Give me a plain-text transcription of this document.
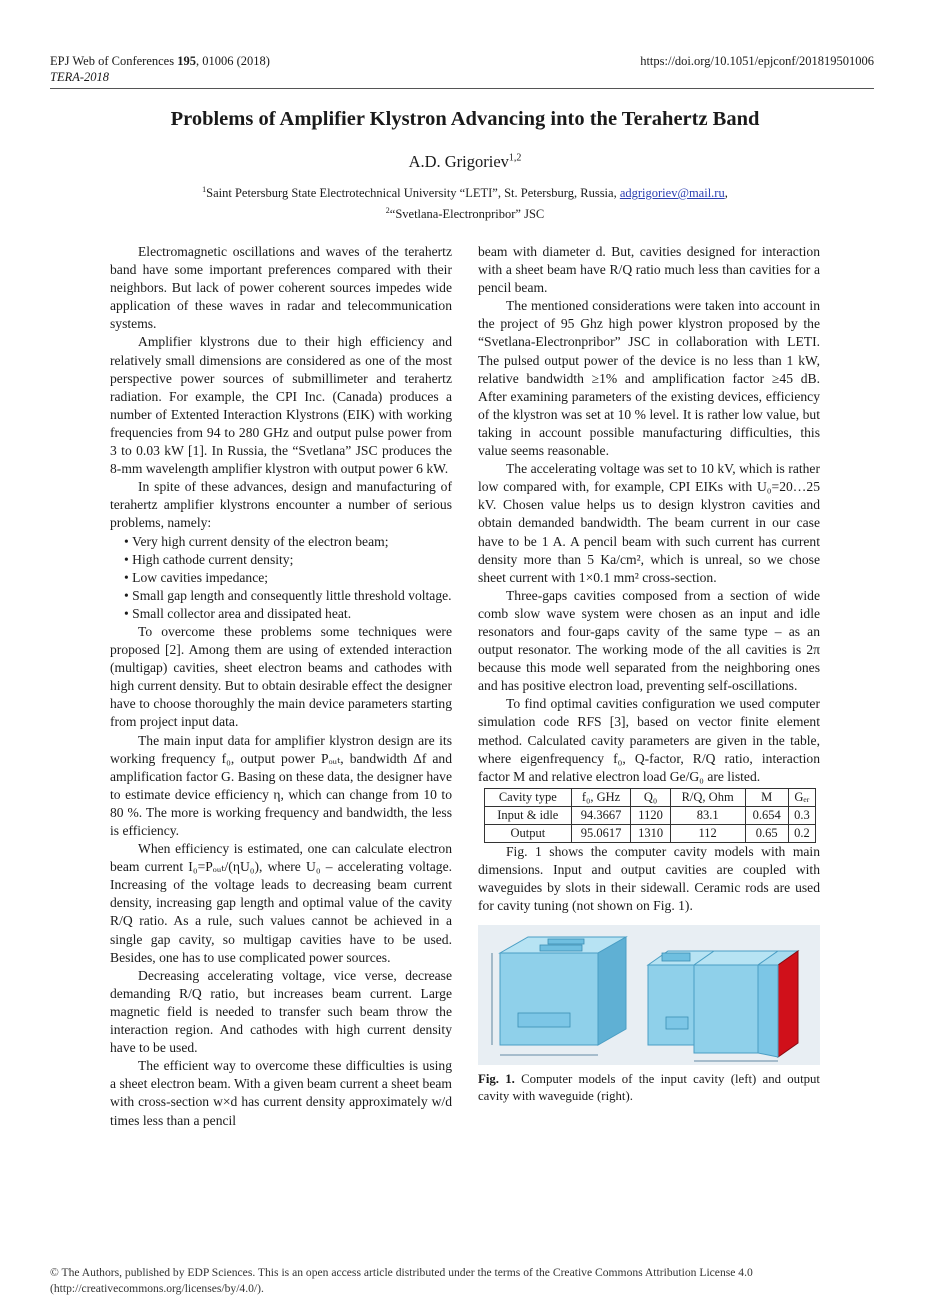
EPJ Web of Conferences 195, 01006 (2018)
TERA-2018
https://doi.org/10.1051/epjconf/201819501006
Problems of Amplifier Klystron Advancing into the Terahertz Band
A.D. Grigoriev$^{1,2}$
$^1$Saint Petersburg State Electrotechnical University “LETI”, St. Petersburg, Russia, adgrigoriev@mail.ru,
$^2$“Svetlana-Electronpribor” JSC

Electromagnetic oscillations and waves of the terahertz band have some important preferences compared with their neighbors. But lack of power coherent sources impedes wide application of these waves in radar and telecommunication systems.

Amplifier klystrons due to their high efficiency and relatively small dimensions are considered as one of the most perspective power sources of submillimeter and terahertz radiation. For example, the CPI Inc. (Canada) produces a number of Extented Interaction Klystrons (EIK) with working frequencies from 94 to 280 GHz and output pulse power from 3 to 0.03 kW [1]. In Russia, the “Svetlana” JSC produces the 8-mm wavelength amplifier klystron with output power 6 kW.

In spite of these advances, design and manufacturing of terahertz amplifier klystrons encounter a number of serious problems, namely:

• Very high current density of the electron beam;
• High cathode current density;
• Low cavities impedance;
• Small gap length and consequently little threshold voltage.
• Small collector area and dissipated heat.

To overcome these problems some techniques were proposed [2]. Among them are using of extended interaction (multigap) cavities, sheet electron beams and cathodes with high current density. But to obtain desirable effect the designer have to choose thoroughly the main device parameters starting from project input data.

The main input data for amplifier klystron design are its working frequency f₀, output power Pₒᵤₜ, bandwidth Δf and amplification factor G. Basing on these data, the designer have to estimate device efficiency η, which can change from 10 to 80 %. The more is working frequency and bandwidth, the less is efficiency.

When efficiency is estimated, one can calculate electron beam current I₀=Pₒᵤₜ/(ηU₀), where U₀ – accelerating voltage. Increasing of the voltage leads to decreasing beam current density, increasing gap length and optimal value of the cavity R/Q ratio. As a rule, such values cannot be achieved in a single gap cavity, so multigap cavities have to be used. Besides, one has to use complicated power sources.

Decreasing accelerating voltage, vice verse, decrease demanding R/Q ratio, but increases beam current. Large magnetic field is needed to transfer such beam throw the interaction region. And cathodes with high current density have to be used.

The efficient way to overcome these difficulties is using a sheet electron beam. With a given beam current a sheet beam with cross-section w×d has current density approximately w/d times less than a pencil

beam with diameter d. But, cavities designed for interaction with a sheet beam have R/Q ratio much less than cavities for a pencil beam.

The mentioned considerations were taken into account in the project of 95 Ghz high power klystron proposed by the “Svetlana-Electronpribor” JSC in collaboration with LETI. The pulsed output power of the device is no less than 1 kW, relative bandwidth ≥1% and amplification factor ≥45 dB. After examining parameters of the existing devices, efficiency of the klystron was set at 10 % level. It is rather low value, but taking in account possible manufacturing difficulties, this value seems reasonable.

The accelerating voltage was set to 10 kV, which is rather low compared with, for example, CPI EIKs with U₀=20…25 kV. Chosen value helps us to design klystron cavities and obtain demanded bandwidth. The beam current in our case have to be 1 A. A pencil beam with such current has current density more than 5 Ka/cm², which is unreal, so we chose sheet current with 1×0.1 mm² cross-section.

Three-gaps cavities composed from a section of wide comb slow wave system were chosen as an input and idle resonators and four-gaps cavity of the same type – as an output resonator. The working mode of the all cavities is 2π because this mode well separated from the neighboring ones and has positive electron load, preventing self-oscillations.

To find optimal cavities configuration we used computer simulation code RFS [3], based on vector finite element method. Calculated cavity parameters are given in the table, where eigenfrequency f₀, Q-factor, R/Q ratio, interaction factor M and relative electron load Ge/G₀ are listed.

Cavity type	f₀, GHz	Q₀	R/Q, Ohm	M	Gₑᵣ
Input & idle	94.3667	1120	83.1	0.654	0.3
Output	95.0617	1310	112	0.65	0.2

Fig. 1 shows the computer cavity models with main dimensions. Input and output cavities are coupled with waveguides by slots in their sidewall. Ceramic rods are used for cavity tuning (not shown on Fig. 1).

Fig. 1. Computer models of the input cavity (left) and output cavity with waveguide (right).
© The Authors, published by EDP Sciences. This is an open access article distributed under the terms of the Creative Commons Attribution License 4.0
(http://creativecommons.org/licenses/by/4.0/).
